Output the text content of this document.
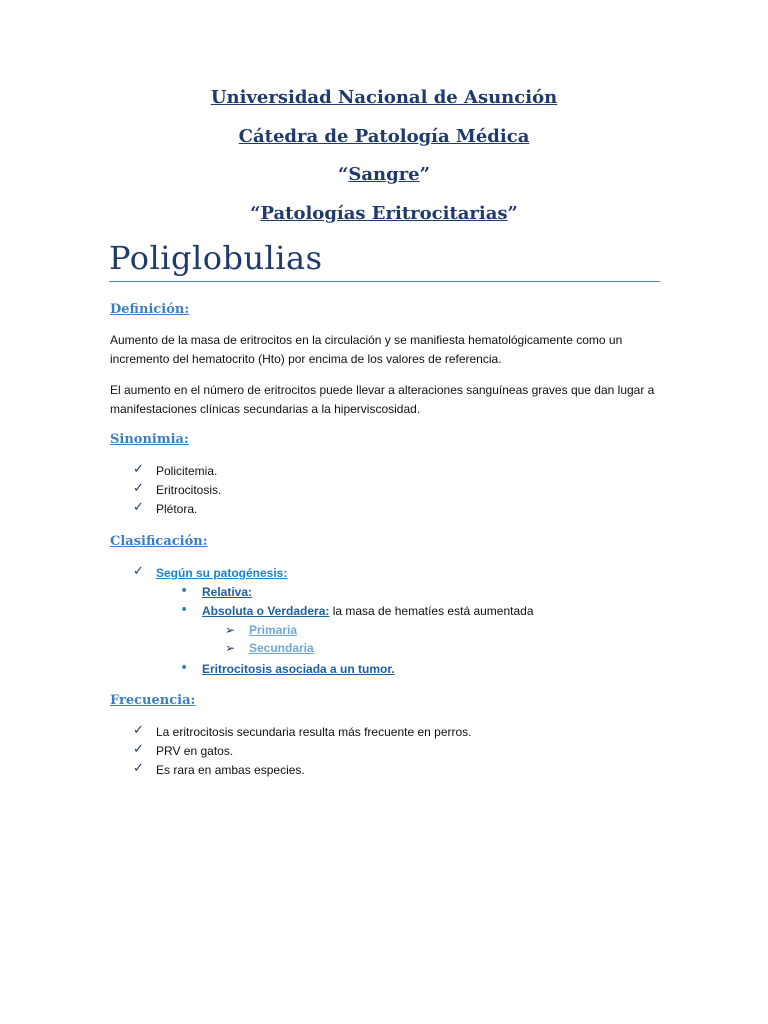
Universidad Nacional de Asunción
Cátedra de Patología Médica
“Sangre”
“Patologías Eritrocitarias”
Poliglobulias
Definición:
Aumento de la masa de eritrocitos en la circulación y se manifiesta hematológicamente como un incremento del hematocrito (Hto) por encima de los valores de referencia.
El aumento en el número de eritrocitos puede llevar a alteraciones sanguíneas graves que dan lugar a manifestaciones clínicas secundarias a la hiperviscosidad.
Sinonimia:
✓ Policitemia.
✓ Eritrocitosis.
✓ Plétora.
Clasificación:
✓ Según su patogénesis:
• Relativa:
• Absoluta o Verdadera: la masa de hematíes está aumentada
➢ Primaria
➢ Secundaria
• Eritrocitosis asociada a un tumor.
Frecuencia:
✓ La eritrocitosis secundaria resulta más frecuente en perros.
✓ PRV en gatos.
✓ Es rara en ambas especies.
